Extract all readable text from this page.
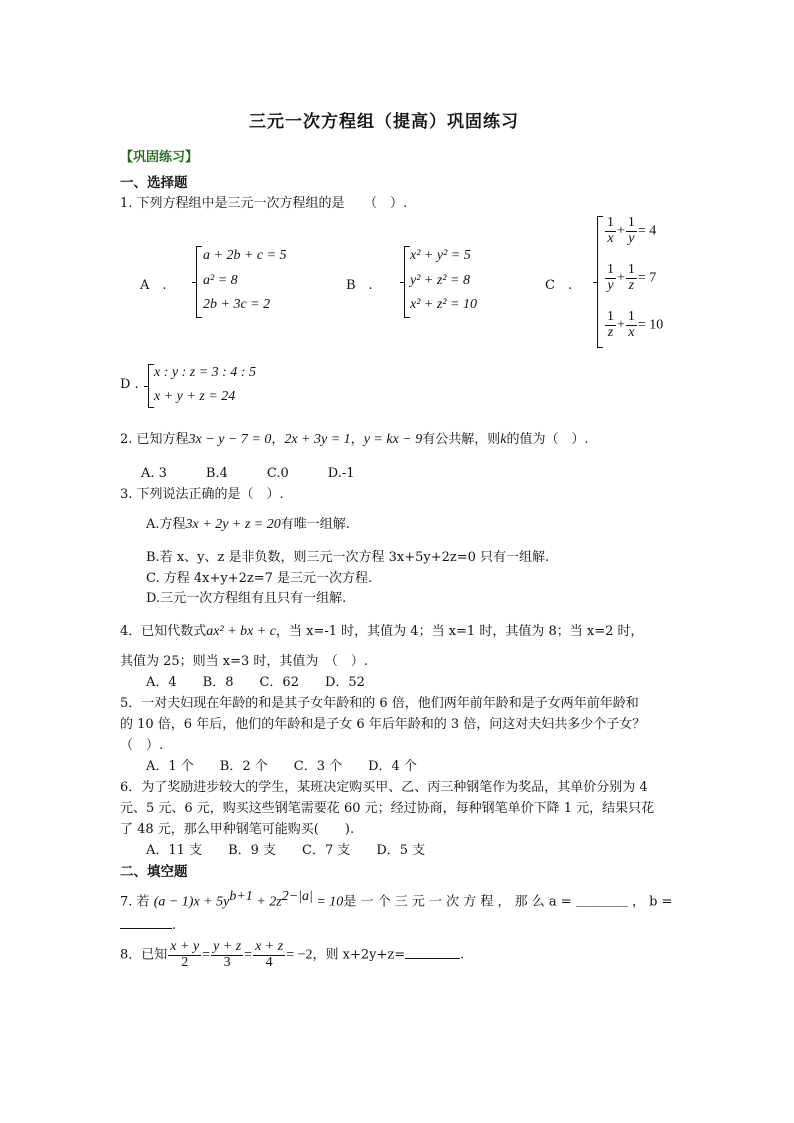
三元一次方程组（提高）巩固练习
【巩固练习】
一、选择题
1. 下列方程组中是三元一次方程组的是　　（　）.
A　.
a + 2b + c = 5
a² = 8
2b + 3c = 2
B　.
x² + y² = 5
y² + z² = 8
x² + z² = 10
C　.
$\frac{1}{x} + \frac{1}{y} = 4$
$\frac{1}{y} + \frac{1}{z} = 7$
$\frac{1}{z} + \frac{1}{x} = 10$
D .
x : y : z = 3 : 4 : 5
x + y + z = 24
2. 已知方程3x − y − 7 = 0，2x + 3y = 1，y = kx − 9有公共解，则k的值为（　）.
A. 3　　　B.4　　　C.0　　　D.-1
3. 下列说法正确的是（　）.
A.方程3x + 2y + z = 20有唯一组解.
B.若 x、y、z 是非负数，则三元一次方程 3x+5y+2z=0 只有一组解.
C. 方程 4x+y+2z=7 是三元一次方程.
D.三元一次方程组有且只有一组解.
4．已知代数式ax² + bx + c，当 x=-1 时，其值为 4；当 x=1 时，其值为 8；当 x=2 时，
其值为 25；则当 x=3 时，其值为　（　）.
A．4　　B．8　　C．62　　D．52
5．一对夫妇现在年龄的和是其子女年龄和的 6 倍，他们两年前年龄和是子女两年前年龄和
的 10 倍，6 年后，他们的年龄和是子女 6 年后年龄和的 3 倍，问这对夫妇共多少个子女？
（　）.
A．1 个　　B．2 个　　C．3 个　　D．4 个
6．为了奖励进步较大的学生，某班决定购买甲、乙、丙三种钢笔作为奖品，其单价分别为 4
元、5 元、6 元，购买这些钢笔需要花 60 元；经过协商，每种钢笔单价下降 1 元，结果只花
了 48 元，那么甲种钢笔可能购买(　　).
A．11 支　　B．9 支　　C．7 支　　D．5 支
二、填空题
7. 若 $(a - 1)x + 5y^{b+1} + 2z^{2-|a|} = 10$是 一 个 三 元 一 次 方 程 ， 那 么 a = ＿＿＿＿ ， b =
.
8．已知 $\frac{x + y}{2} = \frac{y + z}{3} = \frac{x + z}{4} = -2$，则 x+2y+z=	.
